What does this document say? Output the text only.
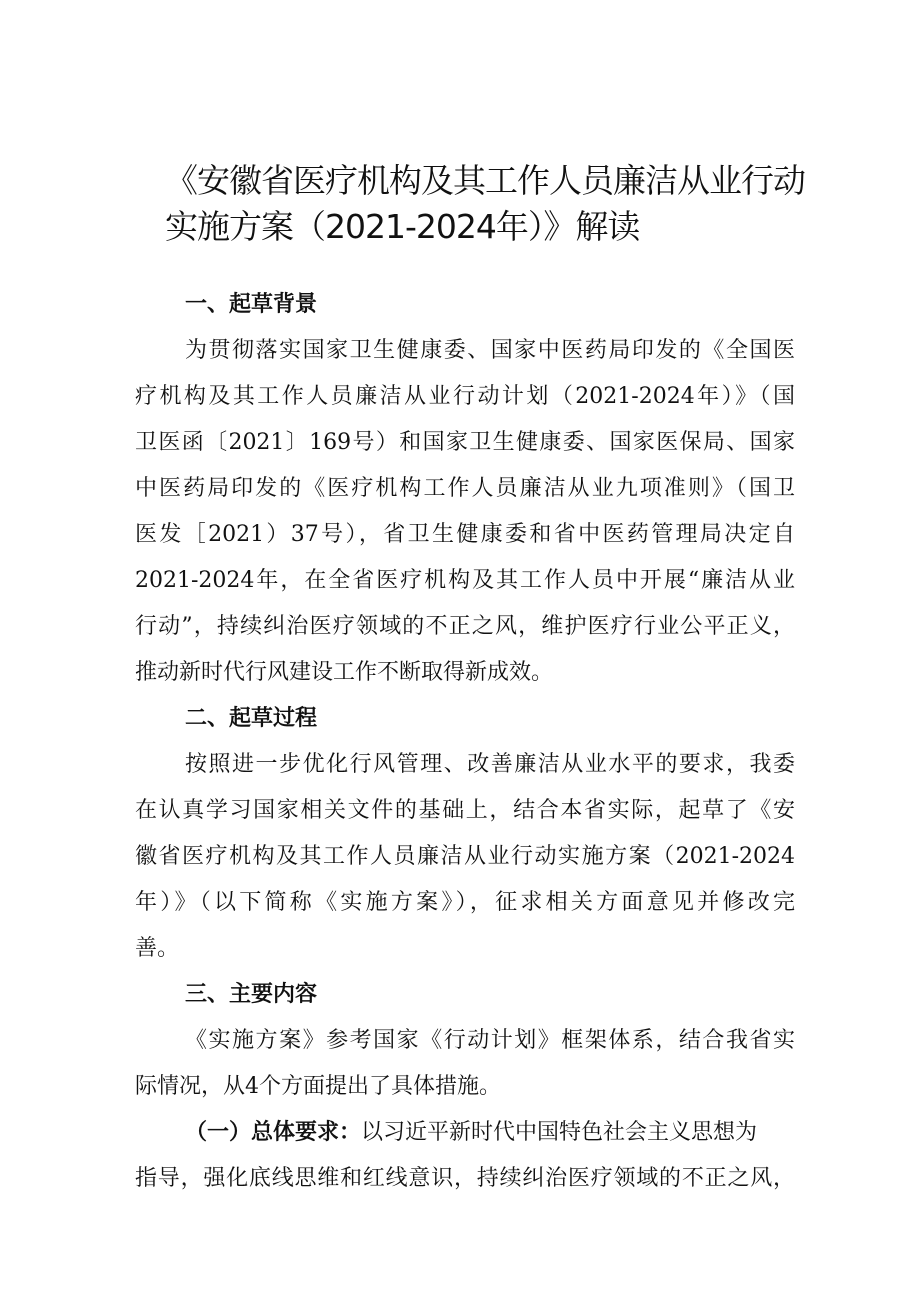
《安徽省医疗机构及其工作人员廉洁从业行动
实施方案（2021-2024年）》解读
一、起草背景
为贯彻落实国家卫生健康委、国家中医药局印发的《全国医
疗机构及其工作人员廉洁从业行动计划（2021-2024年）》（国
卫医函〔2021〕169号）和国家卫生健康委、国家医保局、国家
中医药局印发的《医疗机构工作人员廉洁从业九项准则》（国卫
医发［2021）37号），省卫生健康委和省中医药管理局决定自
2021-2024年，在全省医疗机构及其工作人员中开展“廉洁从业
行动”，持续纠治医疗领域的不正之风，维护医疗行业公平正义，
推动新时代行风建设工作不断取得新成效。
二、起草过程
按照进一步优化行风管理、改善廉洁从业水平的要求，我委
在认真学习国家相关文件的基础上，结合本省实际，起草了《安
徽省医疗机构及其工作人员廉洁从业行动实施方案（2021-2024
年）》（以下简称《实施方案》），征求相关方面意见并修改完
善。
三、主要内容
《实施方案》参考国家《行动计划》框架体系，结合我省实
际情况，从4个方面提出了具体措施。
（一）总体要求：以习近平新时代中国特色社会主义思想为
指导，强化底线思维和红线意识，持续纠治医疗领域的不正之风，
